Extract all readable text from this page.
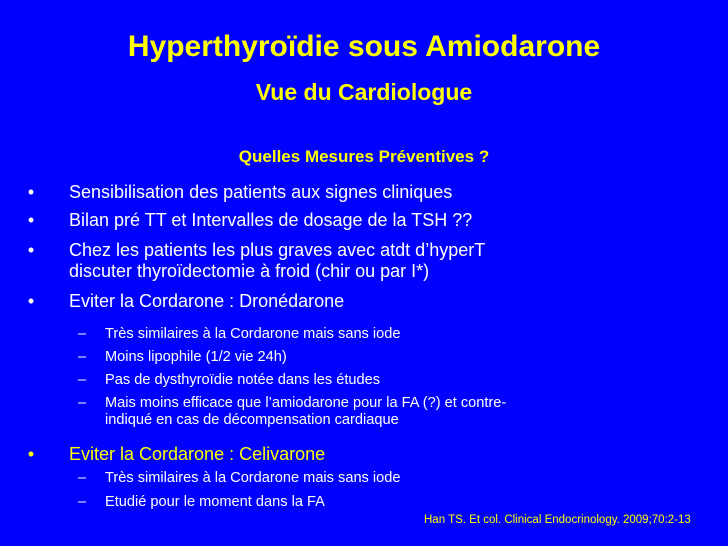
Hyperthyroïdie sous Amiodarone
Vue du Cardiologue
Quelles Mesures Préventives ?
• Sensibilisation des patients aux signes cliniques
• Bilan pré TT et Intervalles de dosage de la TSH ??
• Chez les patients les plus graves avec atdt d’hyperT
discuter thyroïdectomie à froid (chir ou par I*)
• Eviter la Cordarone : Dronédarone
– Très similaires à la Cordarone mais sans iode
– Moins lipophile (1/2 vie 24h)
– Pas de dysthyroïdie notée dans les études
– Mais moins efficace que l’amiodarone pour la FA (?) et contre-
indiqué en cas de décompensation cardiaque
• Eviter la Cordarone : Celivarone
– Très similaires à la Cordarone mais sans iode
– Etudié pour le moment dans la FA
Han TS. Et col. Clinical Endocrinology. 2009;70:2-13
